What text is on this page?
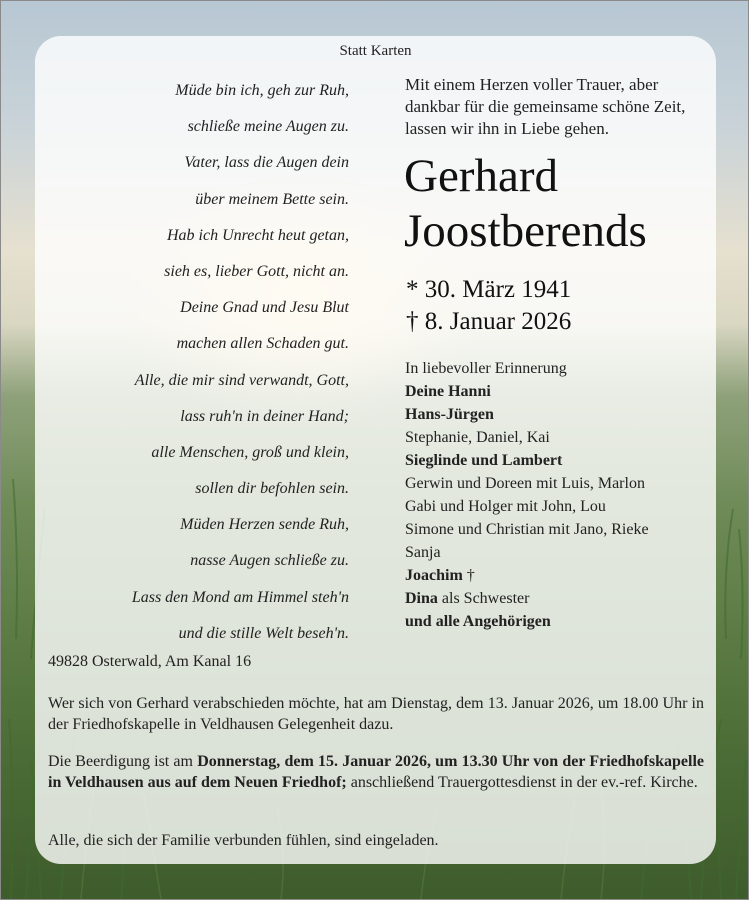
Statt Karten
Müde bin ich, geh zur Ruh,
schließe meine Augen zu.
Vater, lass die Augen dein
über meinem Bette sein.
Hab ich Unrecht heut getan,
sieh es, lieber Gott, nicht an.
Deine Gnad und Jesu Blut
machen allen Schaden gut.
Alle, die mir sind verwandt, Gott,
lass ruh'n in deiner Hand;
alle Menschen, groß und klein,
sollen dir befohlen sein.
Müden Herzen sende Ruh,
nasse Augen schließe zu.
Lass den Mond am Himmel steh'n
und die stille Welt beseh'n.
Mit einem Herzen voller Trauer, aber dankbar für die gemeinsame schöne Zeit, lassen wir ihn in Liebe gehen.
Gerhard
Joostberends
* 30. März 1941
† 8. Januar 2026
In liebevoller Erinnerung
Deine Hanni
Hans-Jürgen
Stephanie, Daniel, Kai
Sieglinde und Lambert
Gerwin und Doreen mit Luis, Marlon
Gabi und Holger mit John, Lou
Simone und Christian mit Jano, Rieke
Sanja
Joachim †
Dina als Schwester
und alle Angehörigen
49828 Osterwald, Am Kanal 16
Wer sich von Gerhard verabschieden möchte, hat am Dienstag, dem 13. Januar 2026, um 18.00 Uhr in der Friedhofskapelle in Veldhausen Gelegenheit dazu.
Die Beerdigung ist am Donnerstag, dem 15. Januar 2026, um 13.30 Uhr von der Friedhofskapelle in Veldhausen aus auf dem Neuen Friedhof; anschließend Trauergottesdienst in der ev.-ref. Kirche.
Alle, die sich der Familie verbunden fühlen, sind eingeladen.
